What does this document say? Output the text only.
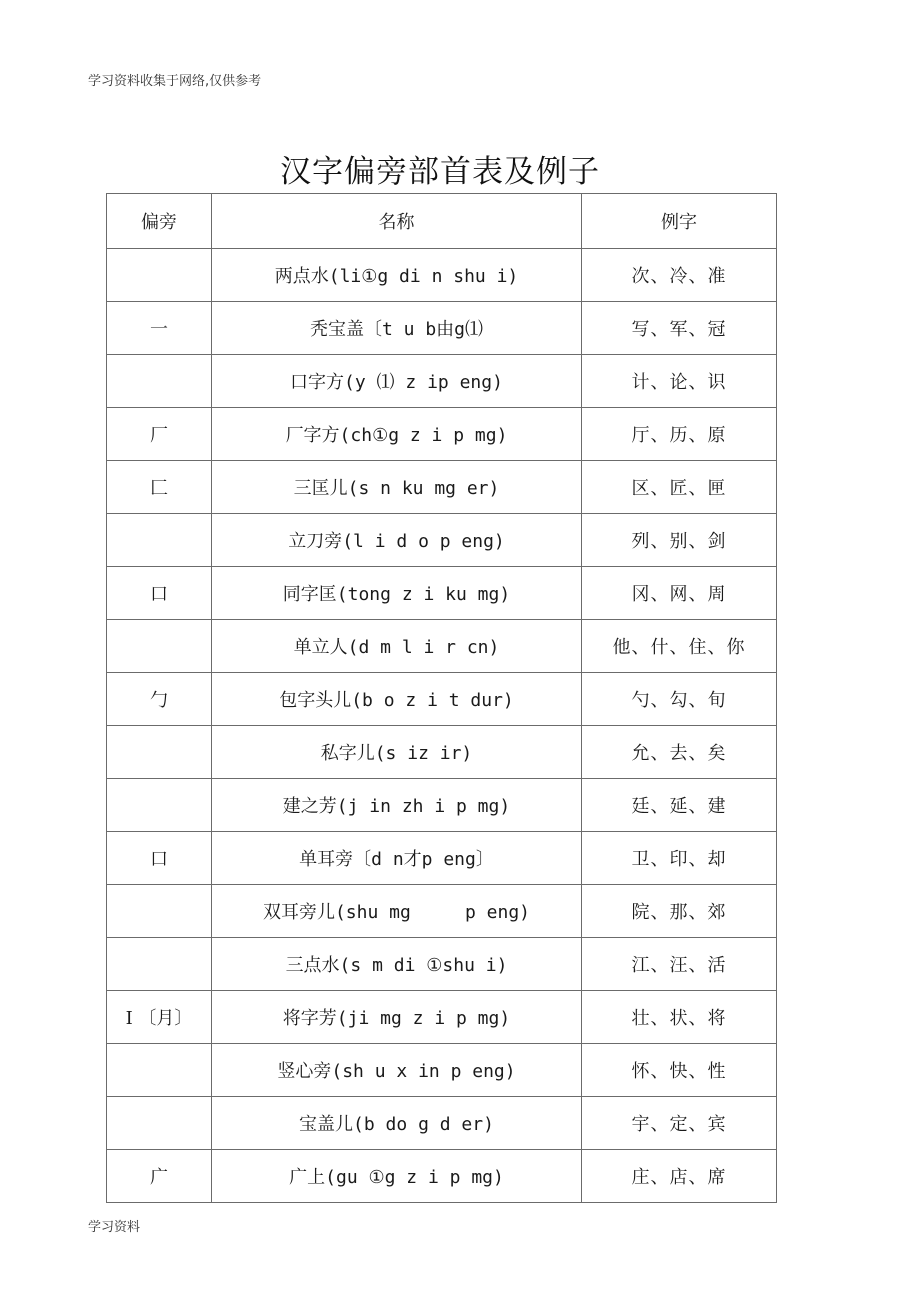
学习资料收集于网络,仅供参考
汉字偏旁部首表及例子
偏旁	名称	例字
	两点水(li①g di n shu i)	次、冷、准
一	秃宝盖〔t u b由g⑴	写、军、冠
	口字方(y ⑴ z ip eng)	计、论、识
厂	厂字方(ch①g z i p mg)	厅、历、原
匚	三匡儿(s n ku mg er)	区、匠、匣
	立刀旁(l i d o p eng)	列、别、剑
口	同字匡(tong z i ku mg)	冈、网、周
	单立人(d m l i r cn)	他、什、住、你
勹	包字头儿(b o z i t dur)	勺、勾、旬
	私字儿(s iz ir)	允、去、矣
	建之芳(j in zh i p mg)	廷、延、建
口	单耳旁〔d n才p eng〕	卫、印、却
	双耳旁儿(shu mg     p eng)	院、那、郊
	三点水(s m di ①shu i)	江、汪、活
I 〔月〕	将字芳(ji mg z i p mg)	壮、状、将
	竖心旁(sh u x in p eng)	怀、快、性
	宝盖儿(b do g d er)	宇、定、宾
广	广上(gu ①g z i p mg)	庄、店、席
学习资料
